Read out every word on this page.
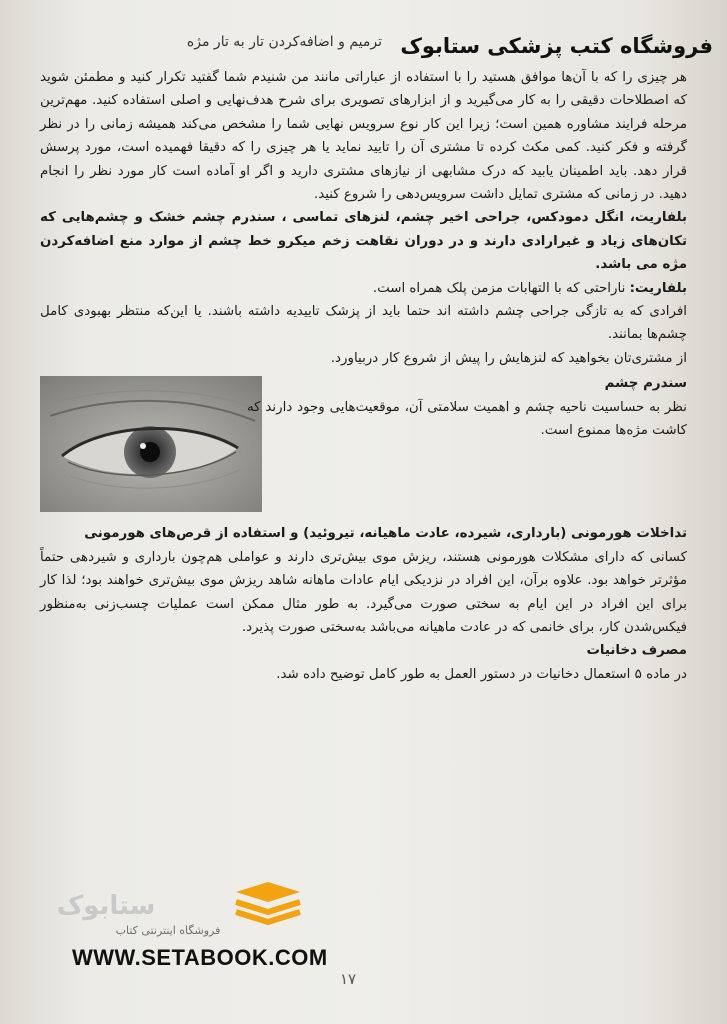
ترمیم و اضافه‌کردن تار به تار مژه فروشگاه کتب پزشکی ستابوک

هر چیزی را که با آن‌ها موافق هستید را با استفاده از عباراتی مانند من شنیدم شما گفتید تکرار کنید و مطمئن شوید که اصطلاحات دقیقی را به کار می‌گیرید و از ابزارهای تصویری برای شرح هدف‌نهایی و اصلی استفاده کنید. مهم‌ترین مرحله فرایند مشاوره همین است؛ زیرا این کار نوع سرویس نهایی شما را مشخص می‌کند همیشه زمانی را در نظر گرفته و فکر کنید. کمی مکث کرده تا مشتری آن را تایید نماید یا هر چیزی را که دقیقا فهمیده است، مورد پرسش قرار دهد. باید اطمینان یابید که درک مشابهی از نیازهای مشتری دارید و اگر او آماده است کار مورد نظر را انجام دهید. در زمانی که مشتری تمایل داشت سرویس‌دهی را شروع کنید.

بلفاریت، انگل دمودکس، جراحی اخیر چشم، لنزهای تماسی ، سندرم چشم خشک و چشم‌هایی که تکان‌های زیاد و غیرارادی دارند و در دوران نقاهت زخم میکرو خط چشم از موارد منع اضافه‌کردن مژه می باشد.

بلفاریت: ناراحتی که با التهابات مزمن پلک همراه است.

افرادی که به تازگی جراحی چشم داشته اند حتما باید از پزشک تاییدیه داشته باشند. یا این‌که منتظر بهبودی کامل چشم‌ها بمانند.

از مشتری‌تان بخواهید که لنزهایش را پیش از شروع کار دربیاورد.

سندرم چشم

نظر به حساسیت ناحیه چشم و اهمیت سلامتی آن، موقعیت‌هایی وجود دارند که کاشت مژه‌ها ممنوع است.

تداخلات هورمونی (بارداری، شیرده، عادت ماهیانه، تیروئید) و استفاده از قرص‌های هورمونی

کسانی که دارای مشکلات هورمونی هستند، ریزش موی بیش‌تری دارند و عواملی هم‌چون بارداری و شیردهی حتماً مؤثرتر خواهد بود. علاوه برآن، این افراد در نزدیکی ایام عادات ماهانه شاهد ریزش موی بیش‌تری خواهند بود؛ لذا کار برای این افراد در این ایام به سختی صورت می‌گیرد. به طور مثال ممکن است عملیات چسب‌زنی به‌منظور فیکس‌شدن کار، برای خانمی که در عادت ماهیانه می‌باشد به‌سختی صورت پذیرد.

مصرف دخانیات

در ماده ۵ استعمال دخانیات در دستور العمل به طور کامل توضیح داده شد.

ستابوک
فروشگاه اینترنتی کتاب
WWW.SETABOOK.COM
۱۷
